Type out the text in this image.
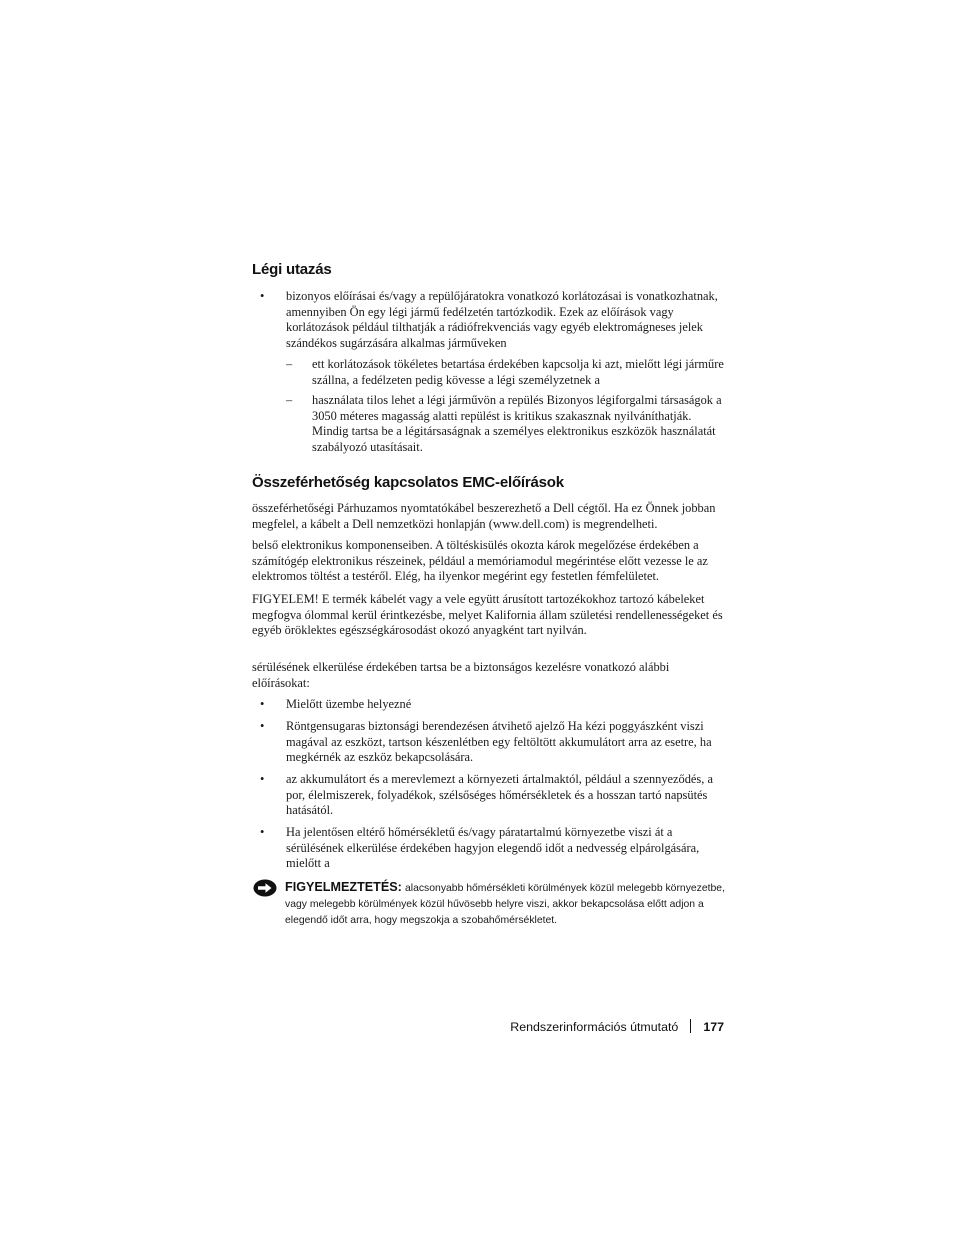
Légi utazás
•	bizonyos előírásai és/vagy a repülőjáratokra vonatkozó korlátozásai is vonatkozhatnak, amennyiben Ön egy légi jármű fedélzetén tartózkodik. Ezek az előírások vagy korlátozások például tilthatják a rádiófrekvenciás vagy egyéb elektromágneses jelek szándékos sugárzására alkalmas járműveken
–	ett korlátozások tökéletes betartása érdekében kapcsolja ki azt, mielőtt légi járműre szállna, a fedélzeten pedig kövesse a légi személyzetnek a
–	használata tilos lehet a légi járművön a repülés Bizonyos légiforgalmi társaságok a 3050 méteres magasság alatti repülést is kritikus szakasznak nyilváníthatják. Mindig tartsa be a légitársaságnak a személyes elektronikus eszközök használatát szabályozó utasításait.
Összeférhetőség kapcsolatos EMC-előírások
összeférhetőségi Párhuzamos nyomtatókábel beszerezhető a Dell cégtől. Ha ez Önnek jobban megfelel, a kábelt a Dell nemzetközi honlapján (www.dell.com) is megrendelheti.
belső elektronikus komponenseiben. A töltéskisülés okozta károk megelőzése érdekében a számítógép elektronikus részeinek, például a memóriamodul megérintése előtt vezesse le az elektromos töltést a testéről. Elég, ha ilyenkor megérint egy festetlen fémfelületet.
FIGYELEM! E termék kábelét vagy a vele együtt árusított tartozékokhoz tartozó kábeleket megfogva ólommal kerül érintkezésbe, melyet Kalifornia állam születési rendellenességeket és egyéb öröklektes egészségkárosodást okozó anyagként tart nyilván.
sérülésének elkerülése érdekében tartsa be a biztonságos kezelésre vonatkozó alábbi előírásokat:
•	Mielőtt üzembe helyezné
•	Röntgensugaras biztonsági berendezésen átvihető ajelző Ha kézi poggyászként viszi magával az eszközt, tartson készenlétben egy feltöltött akkumulátort arra az esetre, ha megkérnék az eszköz bekapcsolására.
•	az akkumulátort és a merevlemezt a környezeti ártalmaktól, például a szennyeződés, a por, élelmiszerek, folyadékok, szélsőséges hőmérsékletek és a hosszan tartó napsütés hatásától.
•	Ha jelentősen eltérő hőmérsékletű és/vagy páratartalmú környezetbe viszi át a sérülésének elkerülése érdekében hagyjon elegendő időt a nedvesség elpárolgására, mielőtt a
FIGYELMEZTETÉS: alacsonyabb hőmérsékleti körülmények közül melegebb környezetbe, vagy melegebb körülmények közül hűvösebb helyre viszi, akkor bekapcsolása előtt adjon a elegendő időt arra, hogy megszokja a szobahőmérsékletet.
Rendszerinformációs útmutató 177
